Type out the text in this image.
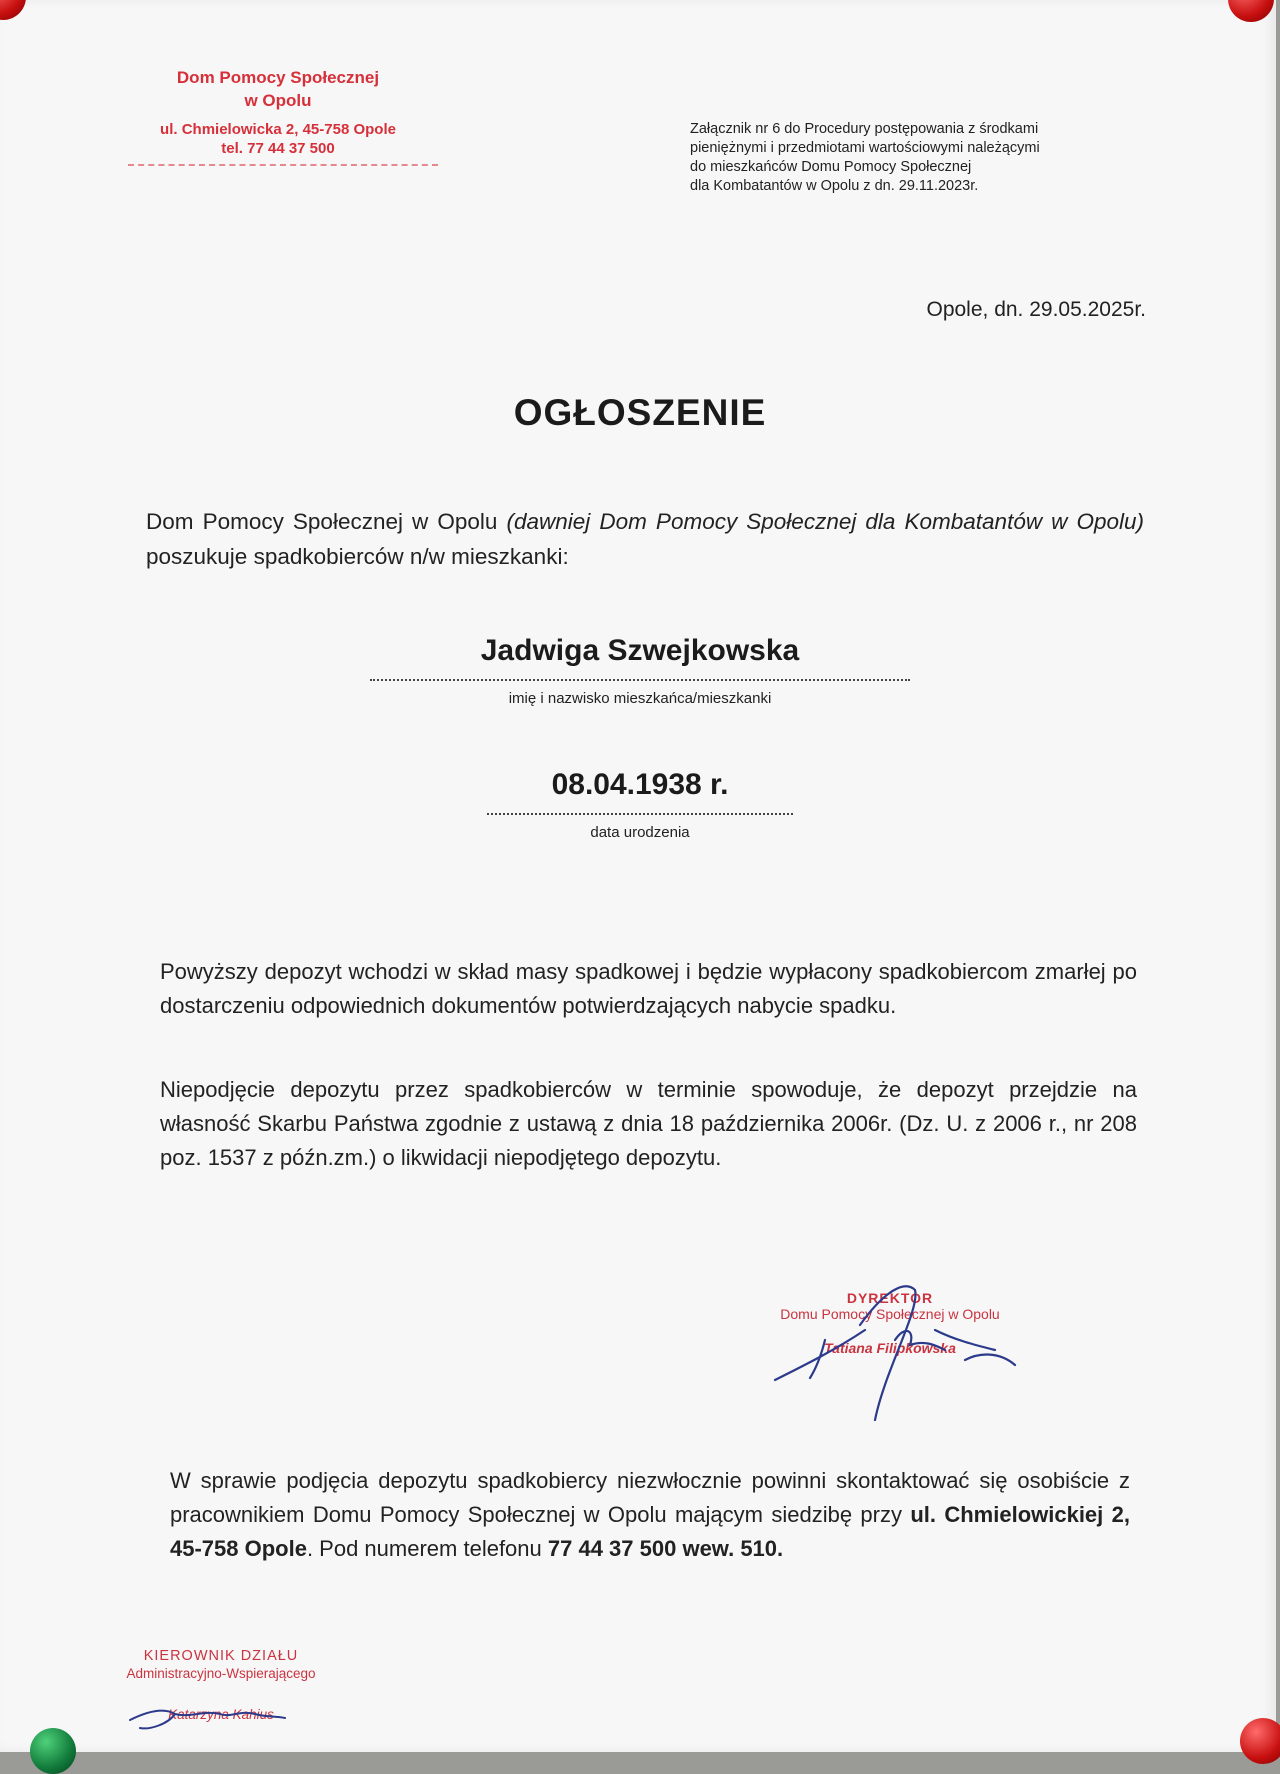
Dom Pomocy Społecznej
w Opolu
ul. Chmielowicka 2, 45-758 Opole
tel. 77 44 37 500
Załącznik nr 6 do Procedury postępowania z środkami
pieniężnymi i przedmiotami wartościowymi należącymi
do mieszkańców Domu Pomocy Społecznej
dla Kombatantów w Opolu z dn. 29.11.2023r.
Opole, dn. 29.05.2025r.
OGŁOSZENIE
Dom Pomocy Społecznej w Opolu (dawniej Dom Pomocy Społecznej dla Kombatantów w Opolu) poszukuje spadkobierców n/w mieszkanki:
Jadwiga Szwejkowska
imię i nazwisko mieszkańca/mieszkanki
08.04.1938 r.
data urodzenia
Powyższy depozyt wchodzi w skład masy spadkowej i będzie wypłacony spadkobiercom zmarłej po dostarczeniu odpowiednich dokumentów potwierdzających nabycie spadku.
Niepodjęcie depozytu przez spadkobierców w terminie spowoduje, że depozyt przejdzie na własność Skarbu Państwa zgodnie z ustawą z dnia 18 października 2006r. (Dz. U. z 2006 r., nr 208 poz. 1537 z późn.zm.) o likwidacji niepodjętego depozytu.
DYREKTOR
Domu Pomocy Społecznej w Opolu
Tatiana Filipkowska
W sprawie podjęcia depozytu spadkobiercy niezwłocznie powinni skontaktować się osobiście z pracownikiem Domu Pomocy Społecznej w Opolu mającym siedzibę przy ul. Chmielowickiej 2, 45-758 Opole. Pod numerem telefonu 77 44 37 500 wew. 510.
KIEROWNIK DZIAŁU
Administracyjno-Wspierającego
Katarzyna Kahius
